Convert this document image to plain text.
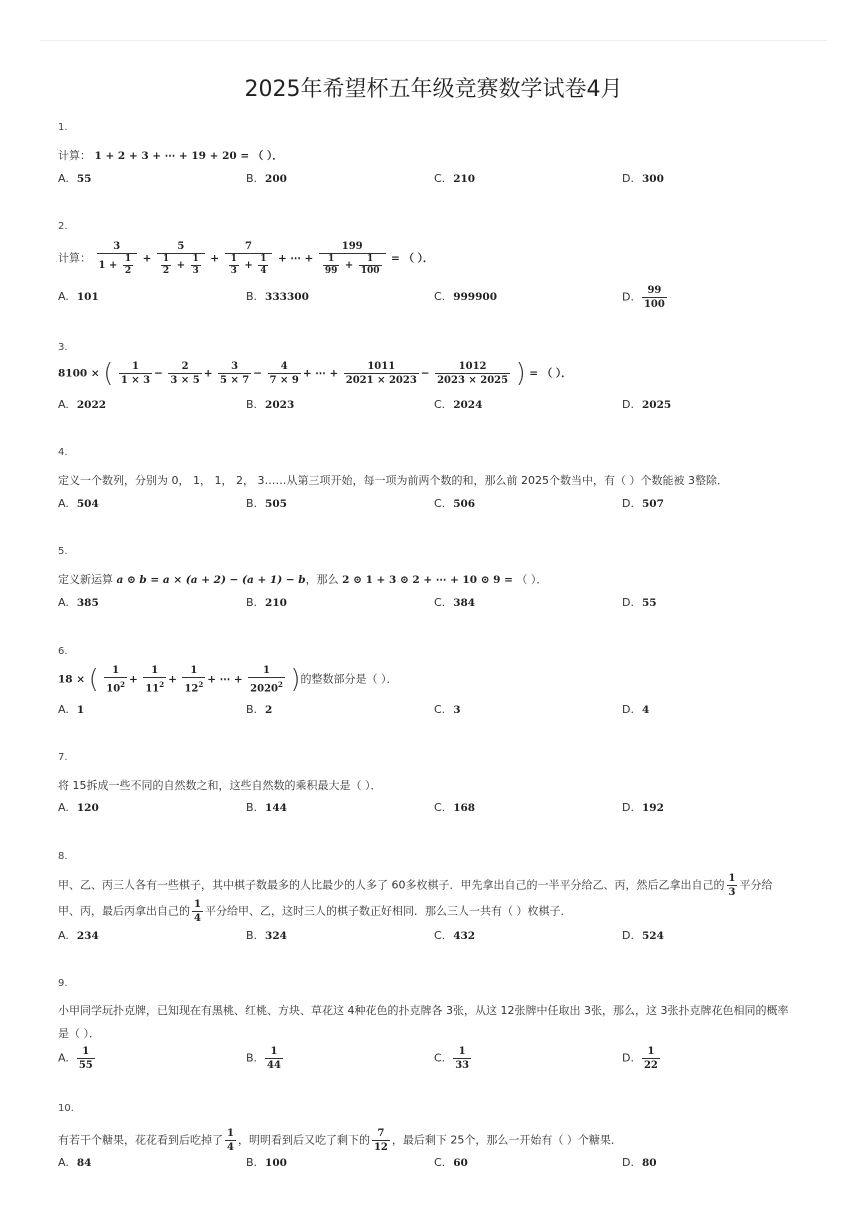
2025年希望杯五年级竞赛数学试卷4月
1.
计算： 1 + 2 + 3 + ⋯ + 19 + 20 = （ ）．
A. 55	B. 200	C. 210	D. 300
2.
计算： $\frac{3}{1 + \frac{1}{2}} + \frac{5}{\frac{1}{2} + \frac{1}{3}} + \frac{7}{\frac{1}{3} + \frac{1}{4}}$ + ⋯ + $\frac{199}{\frac{1}{99} + \frac{1}{100}}$ = （ ）．
A. 101	B. 333300	C. 999900	D. $\frac{99}{100}$
3.
8100 × ( $\frac{1}{1 \times 3} - \frac{2}{3 \times 5} + \frac{3}{5 \times 7} - \frac{4}{7 \times 9}$ + ⋯ + $\frac{1011}{2021 \times 2023} - \frac{1012}{2023 \times 2025}$ ) = （ ）．
A. 2022	B. 2023	C. 2024	D. 2025
4.
定义一个数列，分别为 0， 1， 1， 2， 3……从第三项开始，每一项为前两个数的和，那么前 2025个数当中，有（ ）个数能被 3整除．
A. 504	B. 505	C. 506	D. 507
5.
定义新运算 a ⊙ b = a × (a + 2) − (a + 1) − b，那么 2 ⊙ 1 + 3 ⊙ 2 + ⋯ + 10 ⊙ 9 = （ ）．
A. 385	B. 210	C. 384	D. 55
6.
18 × ( $\frac{1}{10^2} + \frac{1}{11^2} + \frac{1}{12^2}$ + ⋯ + $\frac{1}{2020^2}$ )的整数部分是（ ）．
A. 1	B. 2	C. 3	D. 4
7.
将 15拆成一些不同的自然数之和，这些自然数的乘积最大是（ ）．
A. 120	B. 144	C. 168	D. 192
8.
甲、乙、丙三人各有一些棋子，其中棋子数最多的人比最少的人多了 60多枚棋子．甲先拿出自己的一半平分给乙、丙，然后乙拿出自己的 $\frac{1}{3}$ 平分给
甲、丙，最后丙拿出自己的 $\frac{1}{4}$ 平分给甲、乙，这时三人的棋子数正好相同．那么三人一共有（ ）枚棋子．
A. 234	B. 324	C. 432	D. 524
9.
小甲同学玩扑克牌，已知现在有黑桃、红桃、方块、草花这 4种花色的扑克牌各 3张，从这 12张牌中任取出 3张，那么，这 3张扑克牌花色相同的概率
是（ ）．
A. $\frac{1}{55}$	B. $\frac{1}{44}$	C. $\frac{1}{33}$	D. $\frac{1}{22}$
10.
有若干个糖果，花花看到后吃掉了 $\frac{1}{4}$ ，明明看到后又吃了剩下的 $\frac{7}{12}$ ，最后剩下 25个，那么一开始有（ ）个糖果．
A. 84	B. 100	C. 60	D. 80
